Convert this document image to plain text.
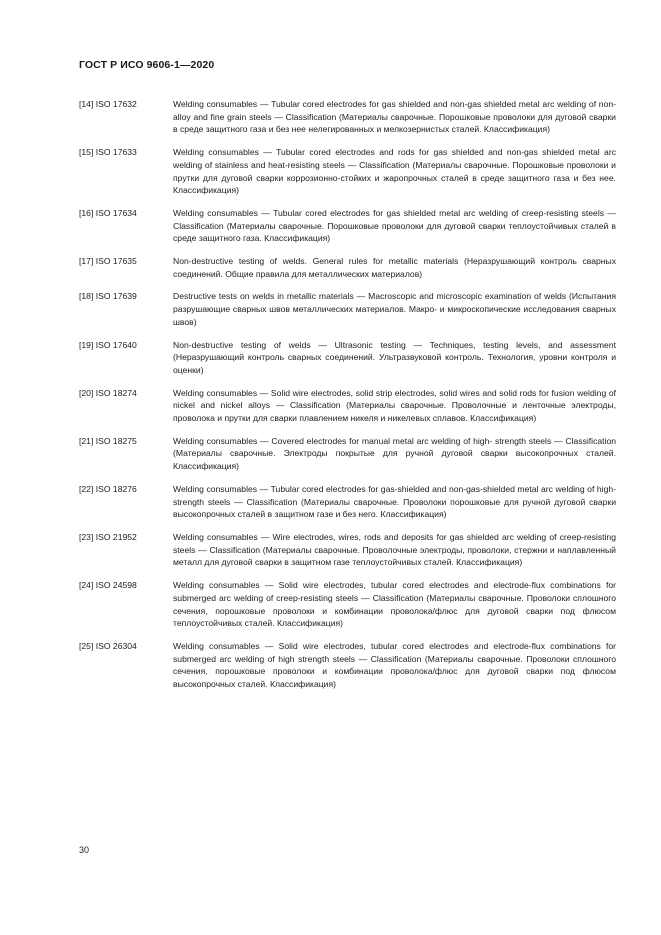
ГОСТ Р ИСО 9606-1—2020
[14] ISO 17632	Welding consumables — Tubular cored electrodes for gas shielded and non-gas shielded metal arc welding of non-alloy and fine grain steels — Classification (Материалы сварочные. Порошковые проволоки для дуговой сварки в среде защитного газа и без нее нелегированных и мелкозернистых сталей. Классификация)
[15] ISO 17633	Welding consumables — Tubular cored electrodes and rods for gas shielded and non-gas shielded metal arc welding of stainless and heat-resisting steels — Classification (Материалы сварочные. Порошковые проволоки и прутки для дуговой сварки коррозионно-стойких и жаропрочных сталей в среде защитного газа и без нее. Классификация)
[16] ISO 17634	Welding consumables — Tubular cored electrodes for gas shielded metal arc welding of creep-resisting steels — Classification (Материалы сварочные. Порошковые проволоки для дуговой сварки теплоустойчивых сталей в среде защитного газа. Классификация)
[17] ISO 17635	Non-destructive testing of welds. General rules for metallic materials (Неразрушающий контроль сварных соединений. Общие правила для металлических материалов)
[18] ISO 17639	Destructive tests on welds in metallic materials — Macroscopic and microscopic examination of welds (Испытания разрушающие сварных швов металлических материалов. Макро- и микроскопические исследования сварных швов)
[19] ISO 17640	Non-destructive testing of welds — Ultrasonic testing — Techniques, testing levels, and assessment (Неразрушающий контроль сварных соединений. Ультразвуковой контроль. Технология, уровни контроля и оценки)
[20] ISO 18274	Welding consumables — Solid wire electrodes, solid strip electrodes, solid wires and solid rods for fusion welding of nickel and nickel alloys — Classification (Материалы сварочные. Проволочные и ленточные электроды, проволока и прутки для сварки плавлением никеля и никелевых сплавов. Классификация)
[21] ISO 18275	Welding consumables — Covered electrodes for manual metal arc welding of high- strength steels — Classification (Материалы сварочные. Электроды покрытые для ручной дуговой сварки высокопрочных сталей. Классификация)
[22] ISO 18276	Welding consumables — Tubular cored electrodes for gas-shielded and non-gas-shielded metal arc welding of high-strength steels — Classification (Материалы сварочные. Проволоки порошковые для ручной дуговой сварки высокопрочных сталей в защитном газе и без него. Классификация)
[23] ISO 21952	Welding consumables — Wire electrodes, wires, rods and deposits for gas shielded arc welding of creep-resisting steels — Classification (Материалы сварочные. Проволочные электроды, проволоки, стержни и наплавленный металл для дуговой сварки в защитном газе теплоустойчивых сталей. Классификация)
[24] ISO 24598	Welding consumables — Solid wire electrodes, tubular cored electrodes and electrode-flux combinations for submerged arc welding of creep-resisting steels — Classification (Материалы сварочные. Проволоки сплошного сечения, порошковые проволоки и комбинации проволока/флюс для дуговой сварки под флюсом теплоустойчивых сталей. Классификация)
[25] ISO 26304	Welding consumables — Solid wire electrodes, tubular cored electrodes and electrode-flux combinations for submerged arc welding of high strength steels — Classification (Материалы сварочные. Проволоки сплошного сечения, порошковые проволоки и комбинации проволока/флюс для дуговой сварки под флюсом высокопрочных сталей. Классификация)
30
